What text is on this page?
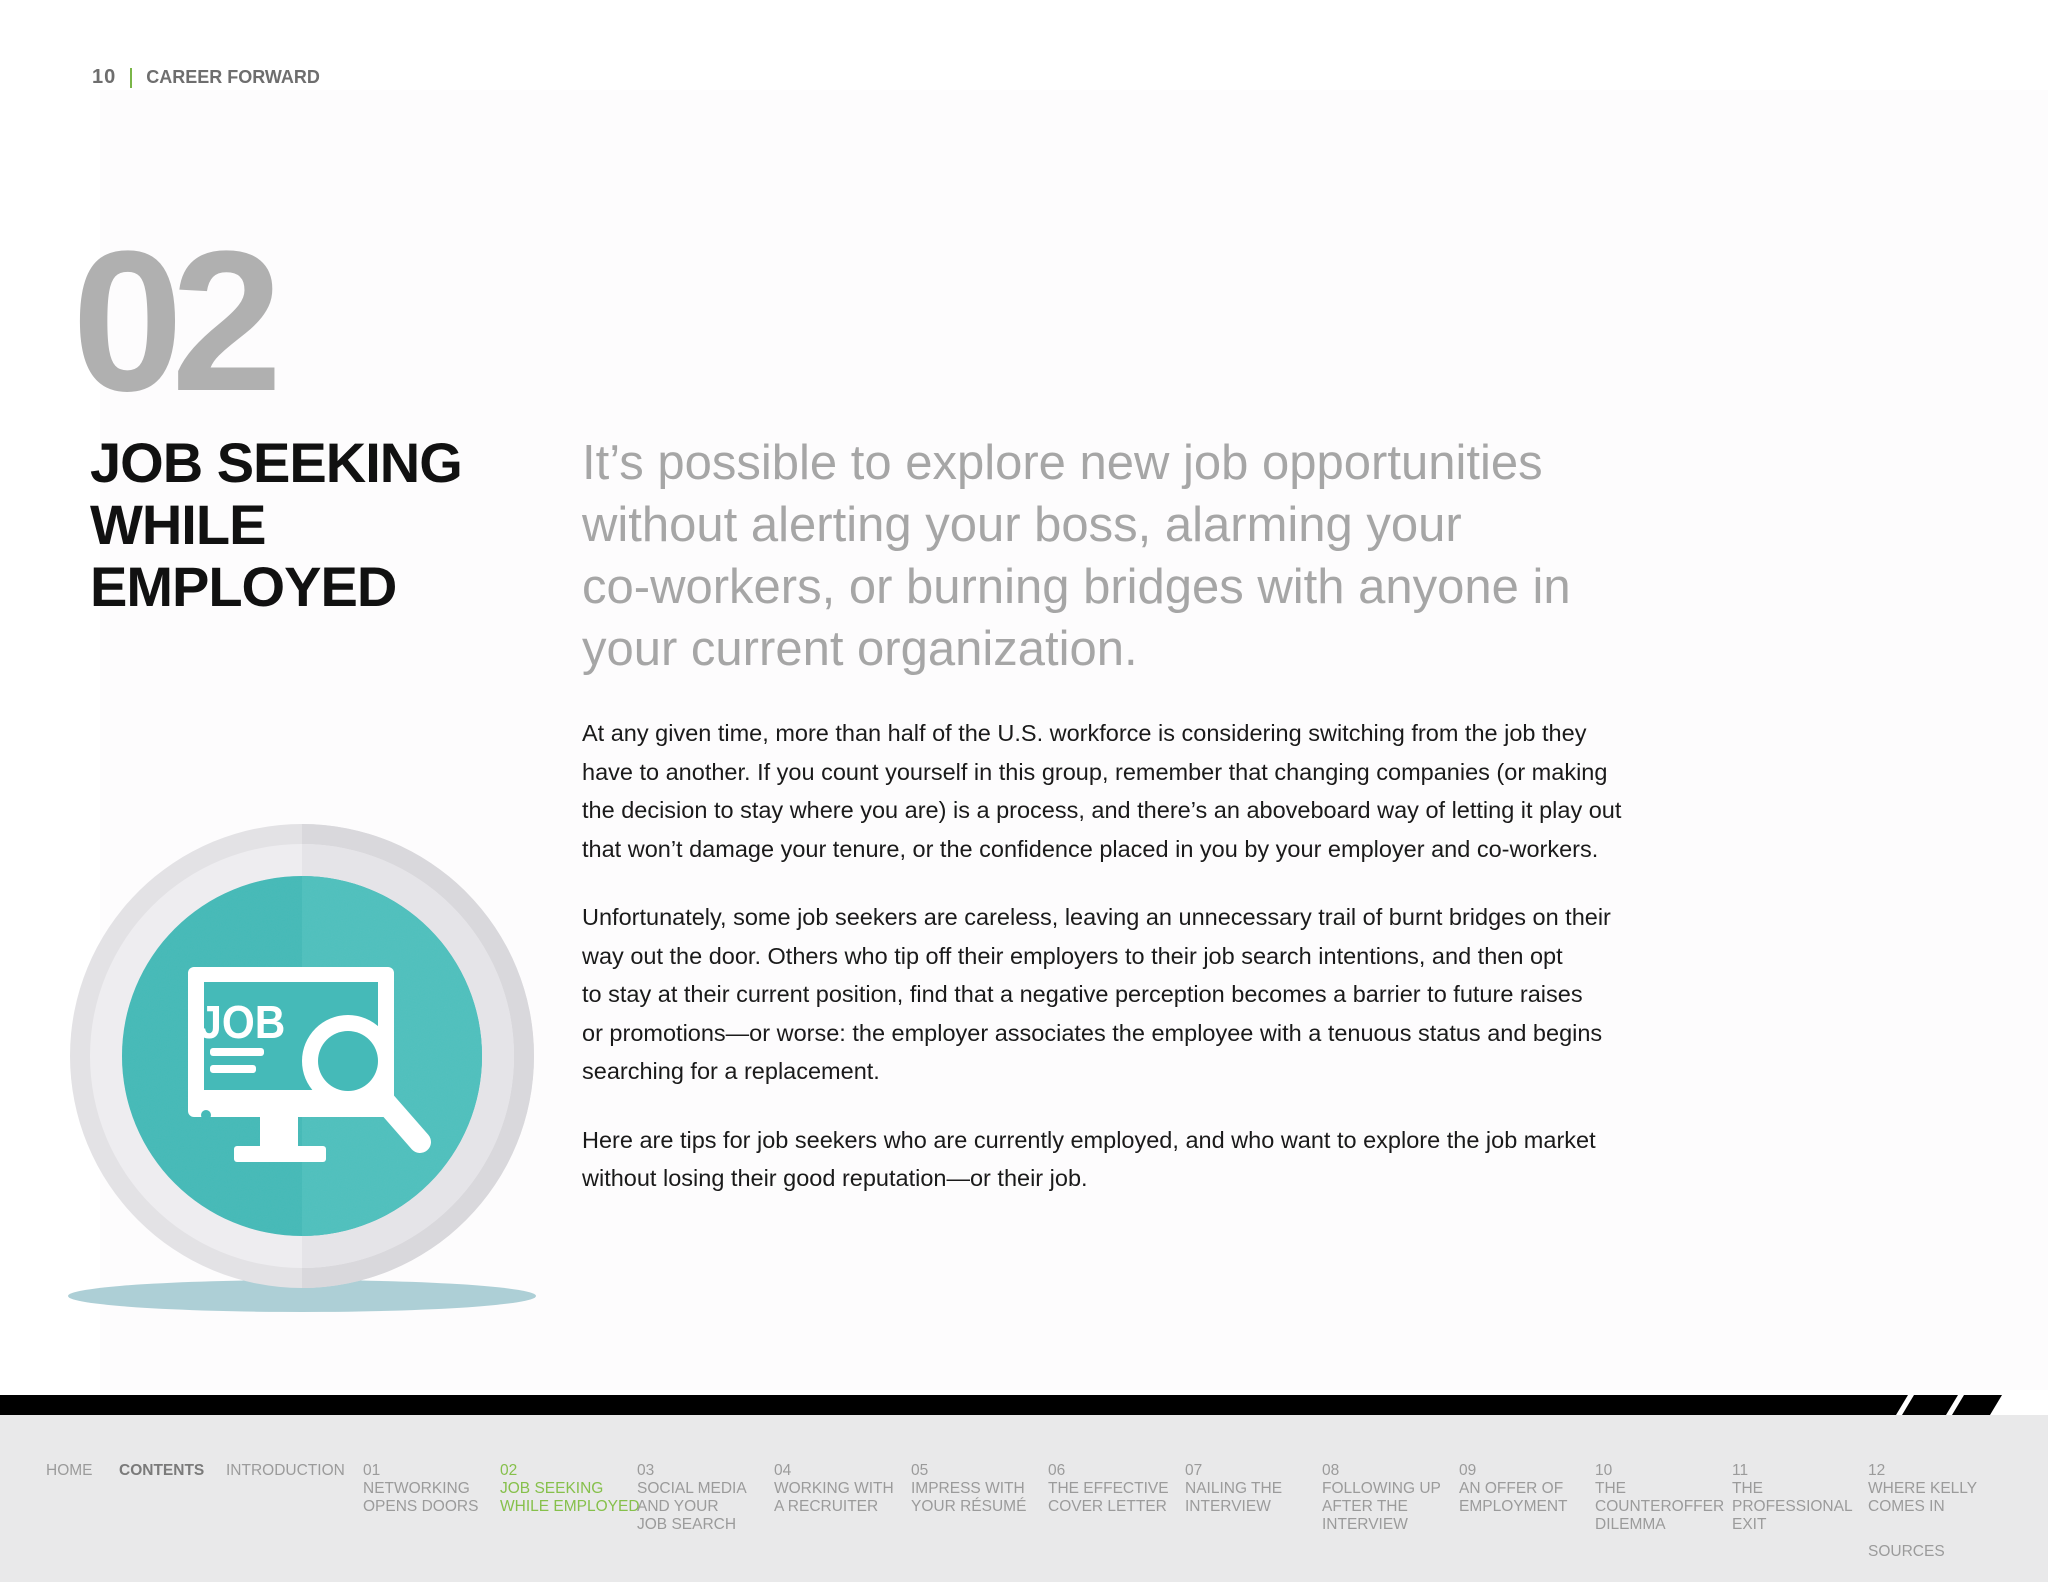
10 CAREER FORWARD
02
JOB SEEKING
WHILE
EMPLOYED
It’s possible to explore new job opportunities
without alerting your boss, alarming your
co-workers, or burning bridges with anyone in
your current organization.

At any given time, more than half of the U.S. workforce is considering switching from the job they
have to another. If you count yourself in this group, remember that changing companies (or making
the decision to stay where you are) is a process, and there’s an aboveboard way of letting it play out
that won’t damage your tenure, or the confidence placed in you by your employer and co-workers.

Unfortunately, some job seekers are careless, leaving an unnecessary trail of burnt bridges on their
way out the door. Others who tip off their employers to their job search intentions, and then opt
to stay at their current position, find that a negative perception becomes a barrier to future raises
or promotions—or worse: the employer associates the employee with a tenuous status and begins
searching for a replacement.

Here are tips for job seekers who are currently employed, and who want to explore the job market
without losing their good reputation—or their job.

JOB
HOME CONTENTS INTRODUCTION 01
NETWORKING
OPENS DOORS
02
JOB SEEKING
WHILE EMPLOYED
03
SOCIAL MEDIA
AND YOUR
JOB SEARCH
04
WORKING WITH
A RECRUITER
05
IMPRESS WITH
YOUR RÉSUMÉ
06
THE EFFECTIVE
COVER LETTER
07
NAILING THE
INTERVIEW
08
FOLLOWING UP
AFTER THE
INTERVIEW
09
AN OFFER OF
EMPLOYMENT
10
THE
COUNTEROFFER
DILEMMA
11
THE
PROFESSIONAL
EXIT
12
WHERE KELLY
COMES IN
SOURCES
